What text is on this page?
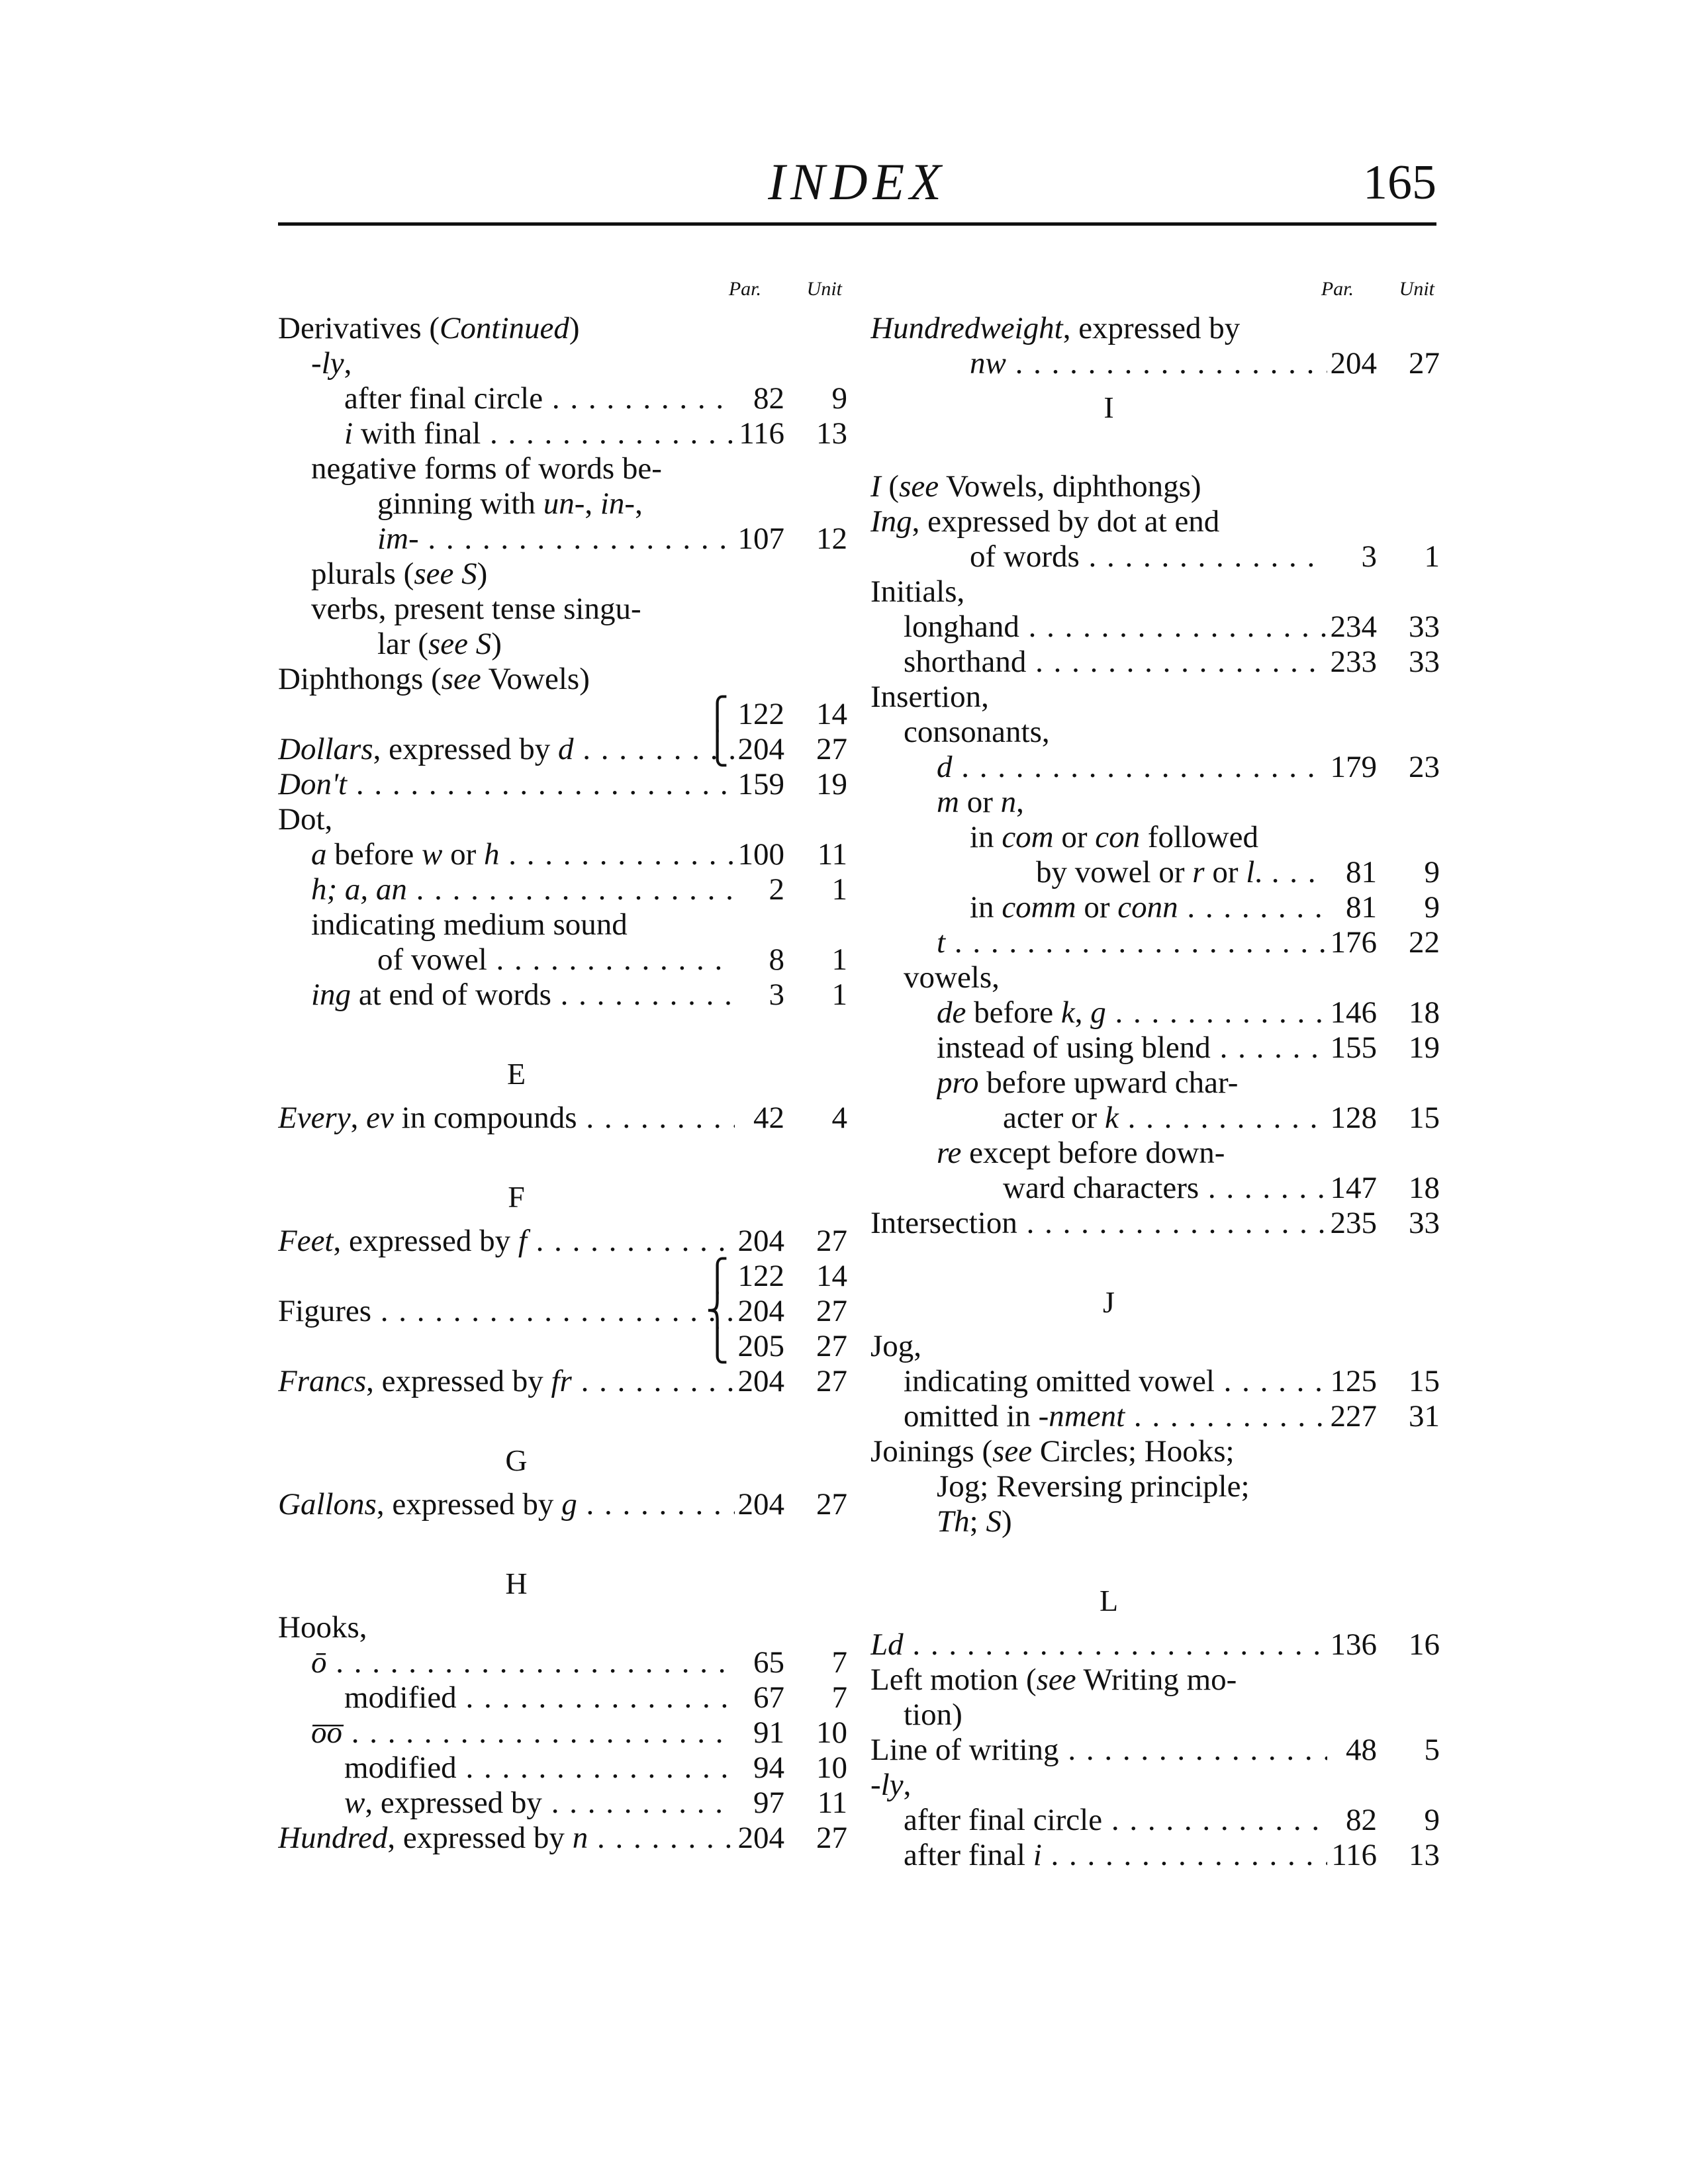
INDEX	165
Par. Unit
Derivatives (Continued)
-ly,
after final circle . . .	82	9
i with final . . .	116	13
negative forms of words be-
ginning with un-, in-,
im- . . .	107	12
plurals (see S)
verbs, present tense singu-
lar (see S)
Diphthongs (see Vowels)
⎧ 122	14
Dollars, expressed by d . . .	⎩ 204	27
Don't . . .	159	19
Dot,
a before w or h . . .	100	11
h; a, an . . .	2	1
indicating medium sound
of vowel . . .	8	1
ing at end of words . . .	3	1
E
Every, ev in compounds . . .	42	4
F
Feet, expressed by f . . .	204	27
⎧ 122	14
Figures . . .	⎨ 204	27
⎩ 205	27
Francs, expressed by fr . . .	204	27
G
Gallons, expressed by g . . .	204	27
H
Hooks,
ō . . .	65	7
modified . . .	67	7
o̅o̅ . . .	91	10
modified . . .	94	10
w, expressed by . . .	97	11
Hundred, expressed by n . . .	204	27
Par. Unit
Hundredweight, expressed by
nw . . .	204	27
I
I (see Vowels, diphthongs)
Ing, expressed by dot at end
of words . . .	3	1
Initials,
longhand . . .	234	33
shorthand . . .	233	33
Insertion,
consonants,
d . . .	179	23
m or n,
in com or con followed
by vowel or r or l. . . .	81	9
in comm or conn . . .	81	9
t . . .	176	22
vowels,
de before k, g . . .	146	18
instead of using blend . . .	155	19
pro before upward char-
acter or k . . .	128	15
re except before down-
ward characters . . .	147	18
Intersection . . .	235	33
J
Jog,
indicating omitted vowel . . .	125	15
omitted in -nment . . .	227	31
Joinings (see Circles; Hooks;
Jog; Reversing principle;
Th; S)
L
Ld . . .	136	16
Left motion (see Writing mo-
tion)
Line of writing . . .	48	5
-ly,
after final circle . . .	82	9
after final i . . .	116	13
